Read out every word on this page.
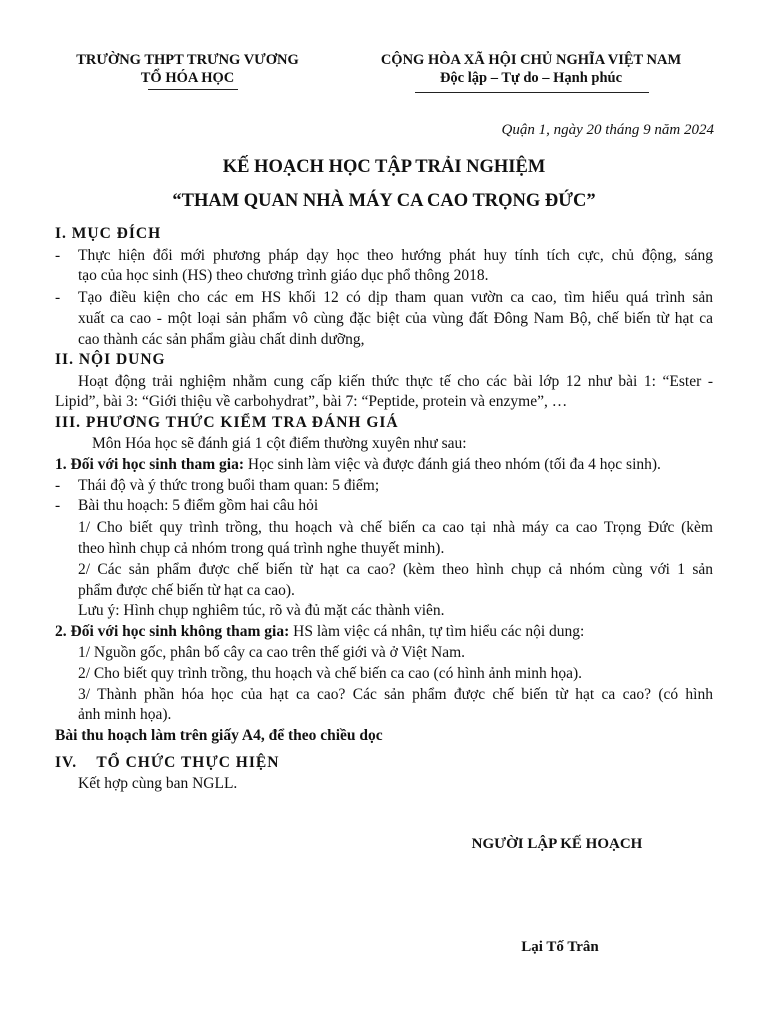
TRƯỜNG THPT TRƯNG VƯƠNG
TỔ HÓA HỌC
CỘNG HÒA XÃ HỘI CHỦ NGHĨA VIỆT NAM
Độc lập – Tự do – Hạnh phúc
Quận 1, ngày 20 tháng 9 năm 2024
KẾ HOẠCH HỌC TẬP TRẢI NGHIỆM
“THAM QUAN NHÀ MÁY CA CAO TRỌNG ĐỨC”
I. MỤC ĐÍCH
- Thực hiện đổi mới phương pháp dạy học theo hướng phát huy tính tích cực, chủ động, sáng
tạo của học sinh (HS) theo chương trình giáo dục phổ thông 2018.
- Tạo điều kiện cho các em HS khối 12 có dịp tham quan vườn ca cao, tìm hiểu quá trình sản
xuất ca cao - một loại sản phẩm vô cùng đặc biệt của vùng đất Đông Nam Bộ, chế biến từ hạt ca
cao thành các sản phẩm giàu chất dinh dưỡng,
II. NỘI DUNG
Hoạt động trải nghiệm nhằm cung cấp kiến thức thực tế cho các bài lớp 12 như bài 1: “Ester -
Lipid”, bài 3: “Giới thiệu về carbohydrat”, bài 7: “Peptide, protein và enzyme”, …
III. PHƯƠNG THỨC KIỂM TRA ĐÁNH GIÁ
Môn Hóa học sẽ đánh giá 1 cột điểm thường xuyên như sau:
1. Đối với học sinh tham gia: Học sinh làm việc và được đánh giá theo nhóm (tối đa 4 học sinh).
- Thái độ và ý thức trong buổi tham quan: 5 điểm;
- Bài thu hoạch: 5 điểm gồm hai câu hỏi
1/ Cho biết quy trình trồng, thu hoạch và chế biến ca cao tại nhà máy ca cao Trọng Đức (kèm
theo hình chụp cả nhóm trong quá trình nghe thuyết minh).
2/ Các sản phẩm được chế biến từ hạt ca cao? (kèm theo hình chụp cả nhóm cùng với 1 sản
phẩm được chế biến từ hạt ca cao).
Lưu ý: Hình chụp nghiêm túc, rõ và đủ mặt các thành viên.
2. Đối với học sinh không tham gia: HS làm việc cá nhân, tự tìm hiểu các nội dung:
1/ Nguồn gốc, phân bố cây ca cao trên thế giới và ở Việt Nam.
2/ Cho biết quy trình trồng, thu hoạch và chế biến ca cao (có hình ảnh minh họa).
3/ Thành phần hóa học của hạt ca cao? Các sản phẩm được chế biến từ hạt ca cao? (có hình
ảnh minh họa).
Bài thu hoạch làm trên giấy A4, để theo chiều dọc
IV.    TỔ CHỨC THỰC HIỆN
Kết hợp cùng ban NGLL.
NGƯỜI LẬP KẾ HOẠCH
Lại Tố Trân
